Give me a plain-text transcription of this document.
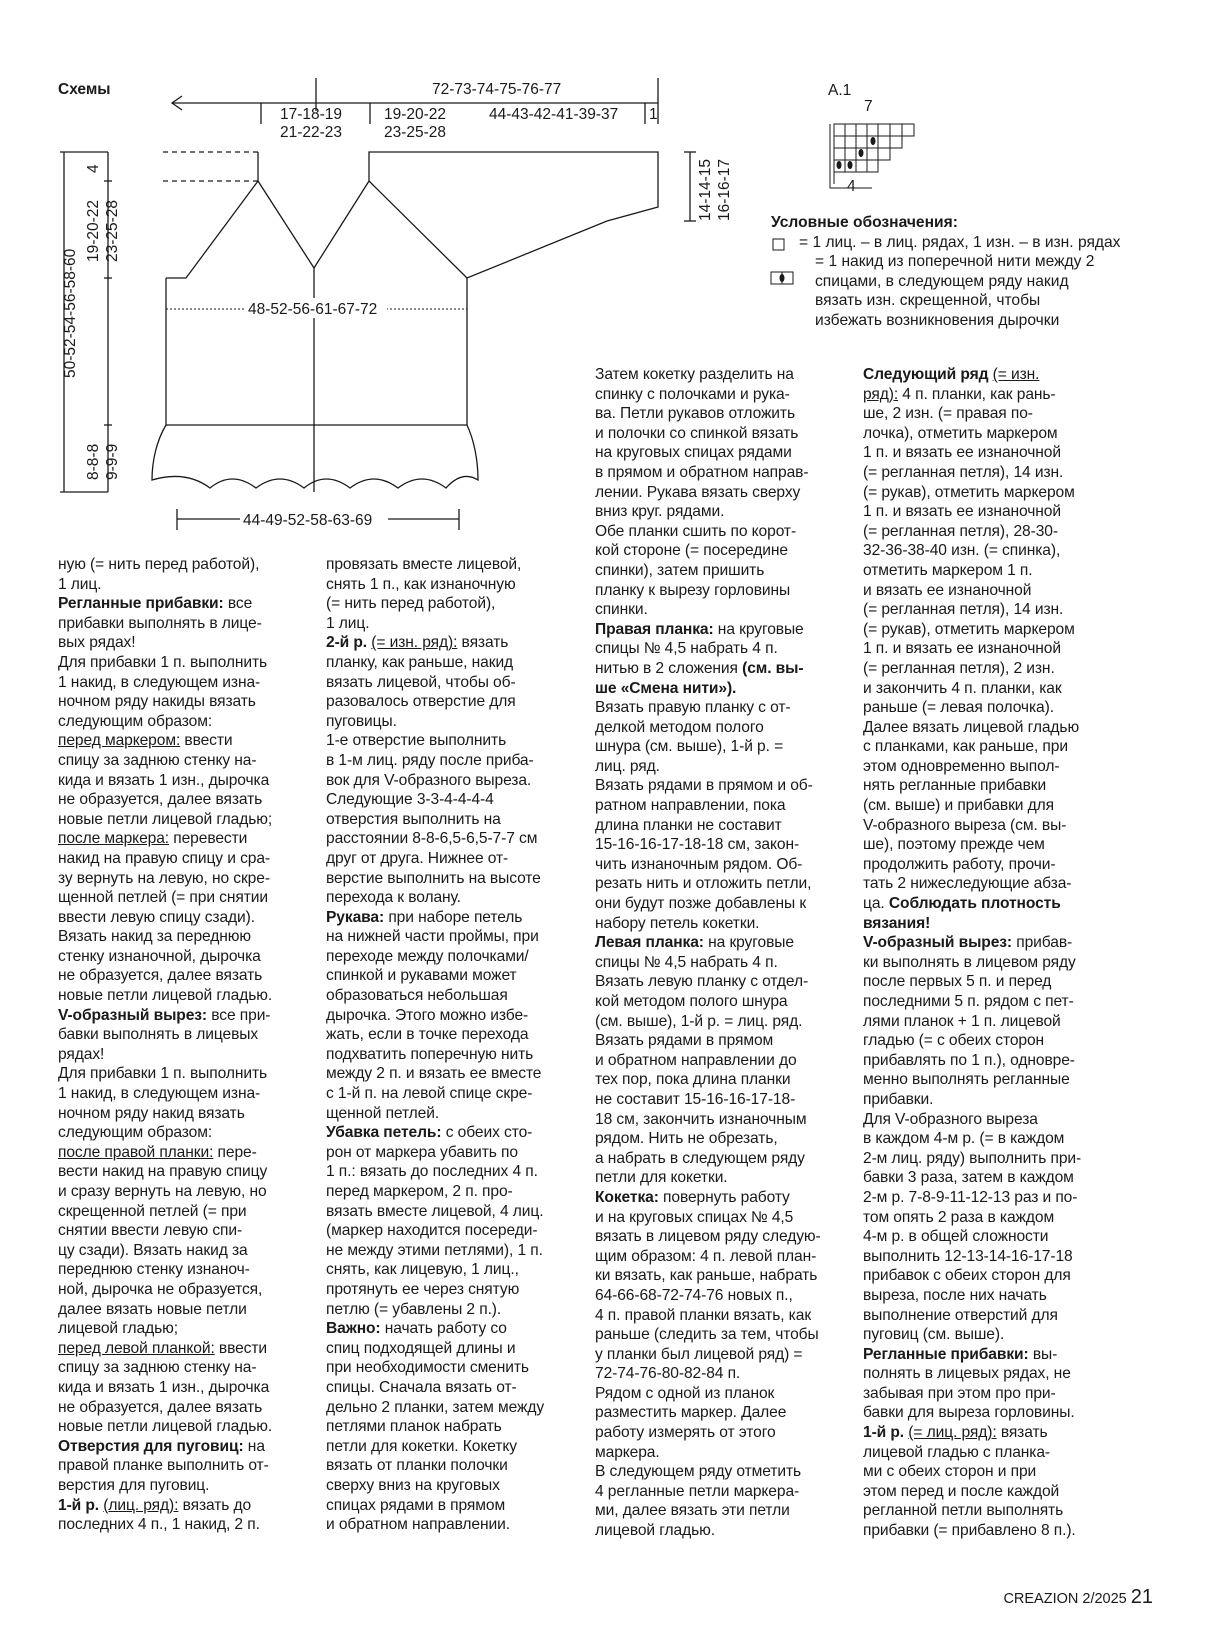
Схемы	72-73-74-75-76-77
17-18-19
21-22-23
19-20-22
23-25-28
44-43-42-41-39-37 1
50-52-54-56-58-60
4
19-20-22 23-25-28
8-8-8 9-9-9
48-52-56-61-67-72
14-14-15 16-16-17
44-49-52-58-63-69
A.1
7
4
Условные обозначения:
= 1 лиц. – в лиц. рядах, 1 изн. – в изн. рядах
= 1 накид из поперечной нити между 2 спицами, в следующем ряду накид вязать изн. скрещенной, чтобы избежать возникновения дырочки

ную (= нить перед работой),

1 лиц.

Регланные прибавки: все

прибавки выполнять в лице-

вых рядах!

Для прибавки 1 п. выполнить

1 накид, в следующем изна-

ночном ряду накиды вязать

следующим образом:

перед маркером: ввести

спицу за заднюю стенку на-

кида и вязать 1 изн., дырочка

не образуется, далее вязать

новые петли лицевой гладью;

после маркера: перевести

накид на правую спицу и сра-

зу вернуть на левую, но скре-

щенной петлей (= при снятии

ввести левую спицу сзади).

Вязать накид за переднюю

стенку изнаночной, дырочка

не образуется, далее вязать

новые петли лицевой гладью.

V-образный вырез: все при-

бавки выполнять в лицевых

рядах!

Для прибавки 1 п. выполнить

1 накид, в следующем изна-

ночном ряду накид вязать

следующим образом:

после правой планки: пере-

вести накид на правую спицу

и сразу вернуть на левую, но

скрещенной петлей (= при

снятии ввести левую спи-

цу сзади). Вязать накид за

переднюю стенку изнаноч-

ной, дырочка не образуется,

далее вязать новые петли

лицевой гладью;

перед левой планкой: ввести

спицу за заднюю стенку на-

кида и вязать 1 изн., дырочка

не образуется, далее вязать

новые петли лицевой гладью.

Отверстия для пуговиц: на

правой планке выполнить от-

верстия для пуговиц.

1-й р. (лиц. ряд): вязать до

последних 4 п., 1 накид, 2 п.

провязать вместе лицевой,

снять 1 п., как изнаночную

(= нить перед работой),

1 лиц.

2-й р. (= изн. ряд): вязать

планку, как раньше, накид

вязать лицевой, чтобы об-

разовалось отверстие для

пуговицы.

1-е отверстие выполнить

в 1-м лиц. ряду после приба-

вок для V-образного выреза.

Следующие 3-3-4-4-4-4

отверстия выполнить на

расстоянии 8-8-6,5-6,5-7-7 см

друг от друга. Нижнее от-

верстие выполнить на высоте

перехода к волану.

Рукава: при наборе петель

на нижней части проймы, при

переходе между полочками/

спинкой и рукавами может

образоваться небольшая

дырочка. Этого можно избе-

жать, если в точке перехода

подхватить поперечную нить

между 2 п. и вязать ее вместе

с 1-й п. на левой спице скре-

щенной петлей.

Убавка петель: с обеих сто-

рон от маркера убавить по

1 п.: вязать до последних 4 п.

перед маркером, 2 п. про-

вязать вместе лицевой, 4 лиц.

(маркер находится посереди-

не между этими петлями), 1 п.

снять, как лицевую, 1 лиц.,

протянуть ее через снятую

петлю (= убавлены 2 п.).

Важно: начать работу со

спиц подходящей длины и

при необходимости сменить

спицы. Сначала вязать от-

дельно 2 планки, затем между

петлями планок набрать

петли для кокетки. Кокетку

вязать от планки полочки

сверху вниз на круговых

спицах рядами в прямом

и обратном направлении.

Затем кокетку разделить на

спинку с полочками и рука-

ва. Петли рукавов отложить

и полочки со спинкой вязать

на круговых спицах рядами

в прямом и обратном направ-

лении. Рукава вязать сверху

вниз круг. рядами.

Обе планки сшить по корот-

кой стороне (= посередине

спинки), затем пришить

планку к вырезу горловины

спинки.

Правая планка: на круговые

спицы № 4,5 набрать 4 п.

нитью в 2 сложения (см. вы-

ше «Смена нити»).

Вязать правую планку с от-

делкой методом полого

шнура (см. выше), 1-й р. =

лиц. ряд.

Вязать рядами в прямом и об-

ратном направлении, пока

длина планки не составит

15-16-16-17-18-18 см, закон-

чить изнаночным рядом. Об-

резать нить и отложить петли,

они будут позже добавлены к

набору петель кокетки.

Левая планка: на круговые

спицы № 4,5 набрать 4 п.

Вязать левую планку с отдел-

кой методом полого шнура

(см. выше), 1-й р. = лиц. ряд.

Вязать рядами в прямом

и обратном направлении до

тех пор, пока длина планки

не составит 15-16-16-17-18-

18 см, закончить изнаночным

рядом. Нить не обрезать,

а набрать в следующем ряду

петли для кокетки.

Кокетка: повернуть работу

и на круговых спицах № 4,5

вязать в лицевом ряду следую-

щим образом: 4 п. левой план-

ки вязать, как раньше, набрать

64-66-68-72-74-76 новых п.,

4 п. правой планки вязать, как

раньше (следить за тем, чтобы

у планки был лицевой ряд) =

72-74-76-80-82-84 п.

Рядом с одной из планок

разместить маркер. Далее

работу измерять от этого

маркера.

В следующем ряду отметить

4 регланные петли маркера-

ми, далее вязать эти петли

лицевой гладью.

Следующий ряд (= изн.

ряд): 4 п. планки, как рань-

ше, 2 изн. (= правая по-

лочка), отметить маркером

1 п. и вязать ее изнаночной

(= регланная петля), 14 изн.

(= рукав), отметить маркером

1 п. и вязать ее изнаночной

(= регланная петля), 28-30-

32-36-38-40 изн. (= спинка),

отметить маркером 1 п.

и вязать ее изнаночной

(= регланная петля), 14 изн.

(= рукав), отметить маркером

1 п. и вязать ее изнаночной

(= регланная петля), 2 изн.

и закончить 4 п. планки, как

раньше (= левая полочка).

Далее вязать лицевой гладью

с планками, как раньше, при

этом одновременно выпол-

нять регланные прибавки

(см. выше) и прибавки для

V-образного выреза (см. вы-

ше), поэтому прежде чем

продолжить работу, прочи-

тать 2 нижеследующие абза-

ца. Соблюдать плотность

вязания!

V-образный вырез: прибав-

ки выполнять в лицевом ряду

после первых 5 п. и перед

последними 5 п. рядом с пет-

лями планок + 1 п. лицевой

гладью (= с обеих сторон

прибавлять по 1 п.), одновре-

менно выполнять регланные

прибавки.

Для V-образного выреза

в каждом 4-м р. (= в каждом

2-м лиц. ряду) выполнить при-

бавки 3 раза, затем в каждом

2-м р. 7-8-9-11-12-13 раз и по-

том опять 2 раза в каждом

4-м р. в общей сложности

выполнить 12-13-14-16-17-18

прибавок с обеих сторон для

выреза, после них начать

выполнение отверстий для

пуговиц (см. выше).

Регланные прибавки: вы-

полнять в лицевых рядах, не

забывая при этом про при-

бавки для выреза горловины.

1-й р. (= лиц. ряд): вязать

лицевой гладью с планка-

ми с обеих сторон и при

этом перед и после каждой

регланной петли выполнять

прибавки (= прибавлено 8 п.).

CREAZION 2/2025 21
